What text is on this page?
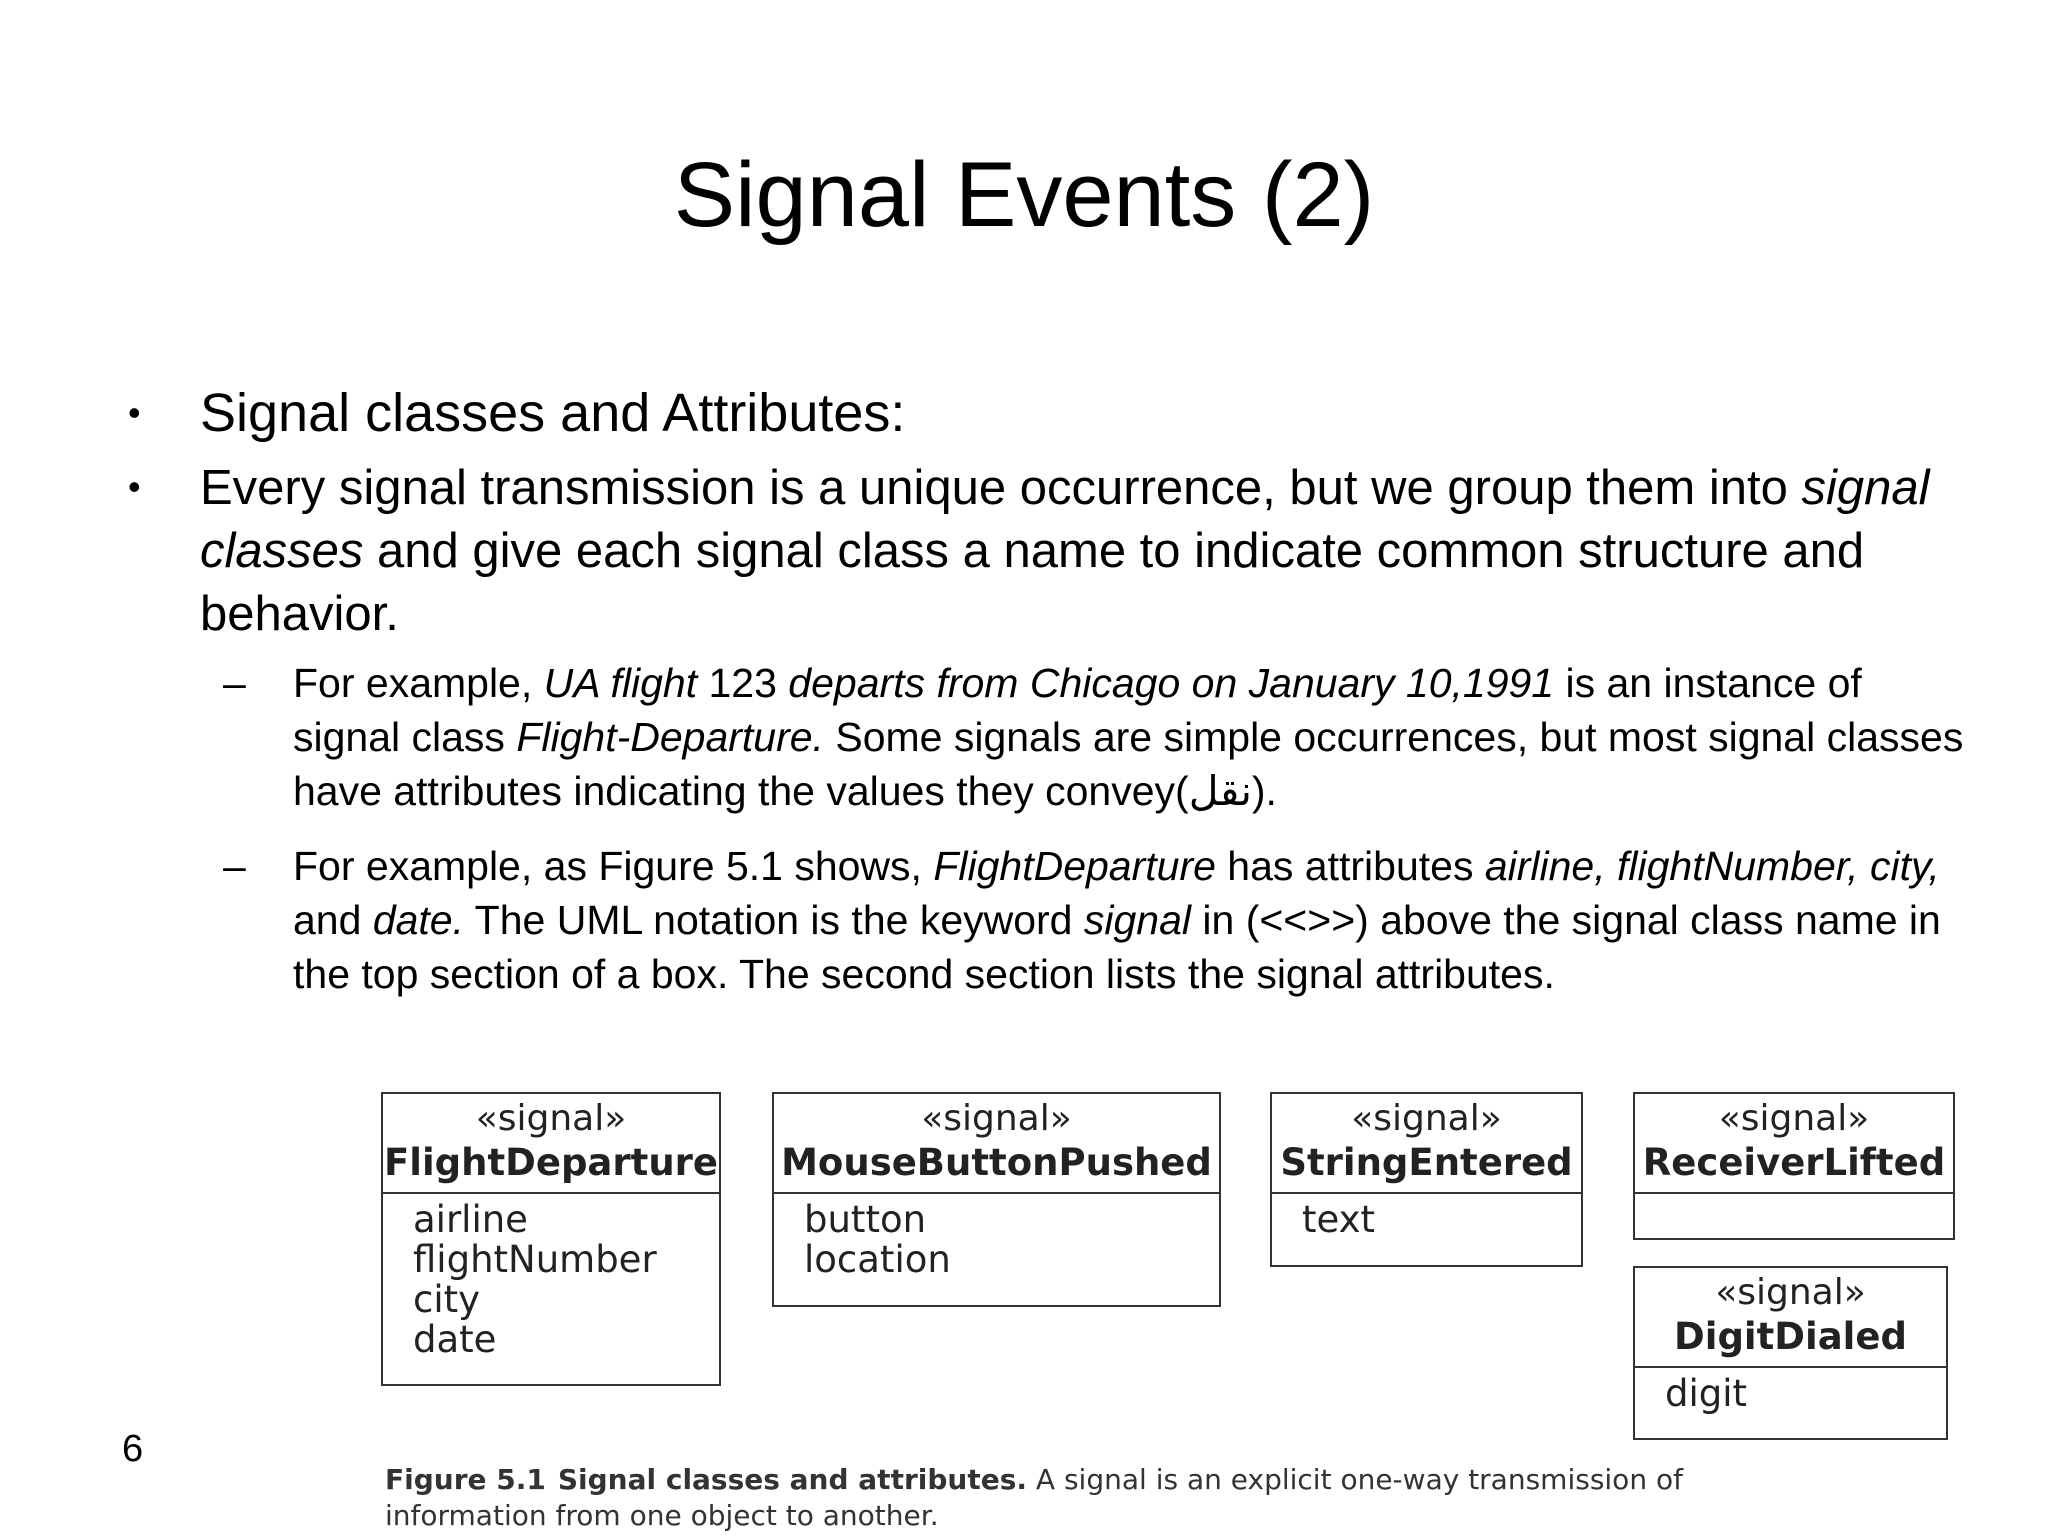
Signal Events (2)
• Signal classes and Attributes:
• Every signal transmission is a unique occurrence, but we group them into signal classes and give each signal class a name to indicate common structure and behavior.
– For example, UA flight 123 departs from Chicago on January 10,1991 is an instance of signal class Flight-Departure. Some signals are simple occurrences, but most signal classes have attributes indicating the values they convey(نقل).
– For example, as Figure 5.1 shows, FlightDeparture has attributes airline, flightNumber, city, and date. The UML notation is the keyword signal in (<<>>) above the signal class name in the top section of a box. The second section lists the signal attributes.
«signal»
FlightDeparture
airline
flightNumber
city
date
«signal»
MouseButtonPushed
button
location
«signal»
StringEntered
text
«signal»
ReceiverLifted
«signal»
DigitDialed
digit
6
Figure 5.1 Signal classes and attributes. A signal is an explicit one-way transmission of information from one object to another.
